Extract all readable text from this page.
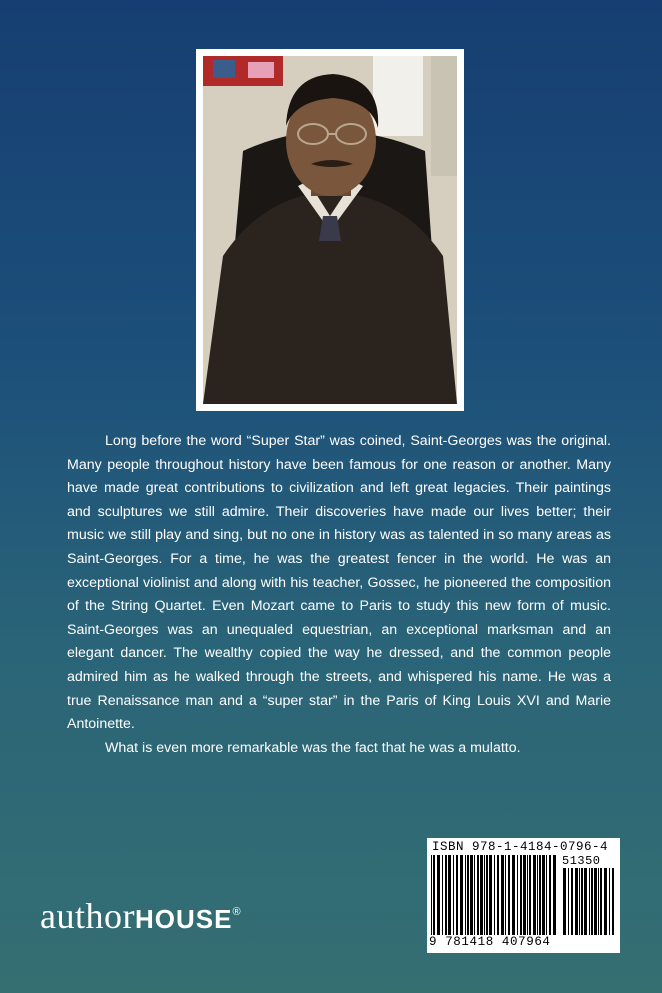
Long before the word “Super Star” was coined, Saint-Georges was the original. Many people throughout history have been famous for one reason or another. Many have made great contributions to civilization and left great legacies. Their paintings and sculptures we still admire. Their discoveries have made our lives better; their music we still play and sing, but no one in history was as talented in so many areas as Saint-Georges. For a time, he was the greatest fencer in the world. He was an exceptional violinist and along with his teacher, Gossec, he pioneered the composition of the String Quartet. Even Mozart came to Paris to study this new form of music. Saint-Georges was an unequaled equestrian, an exceptional marksman and an elegant dancer. The wealthy copied the way he dressed, and the common people admired him as he walked through the streets, and whispered his name. He was a true Renaissance man and a “super star” in the Paris of King Louis XVI and Marie Antoinette.

What is even more remarkable was the fact that he was a mulatto.

authorHOUSE®
ISBN 978-1-4184-0796-4
51350
9 781418 407964
